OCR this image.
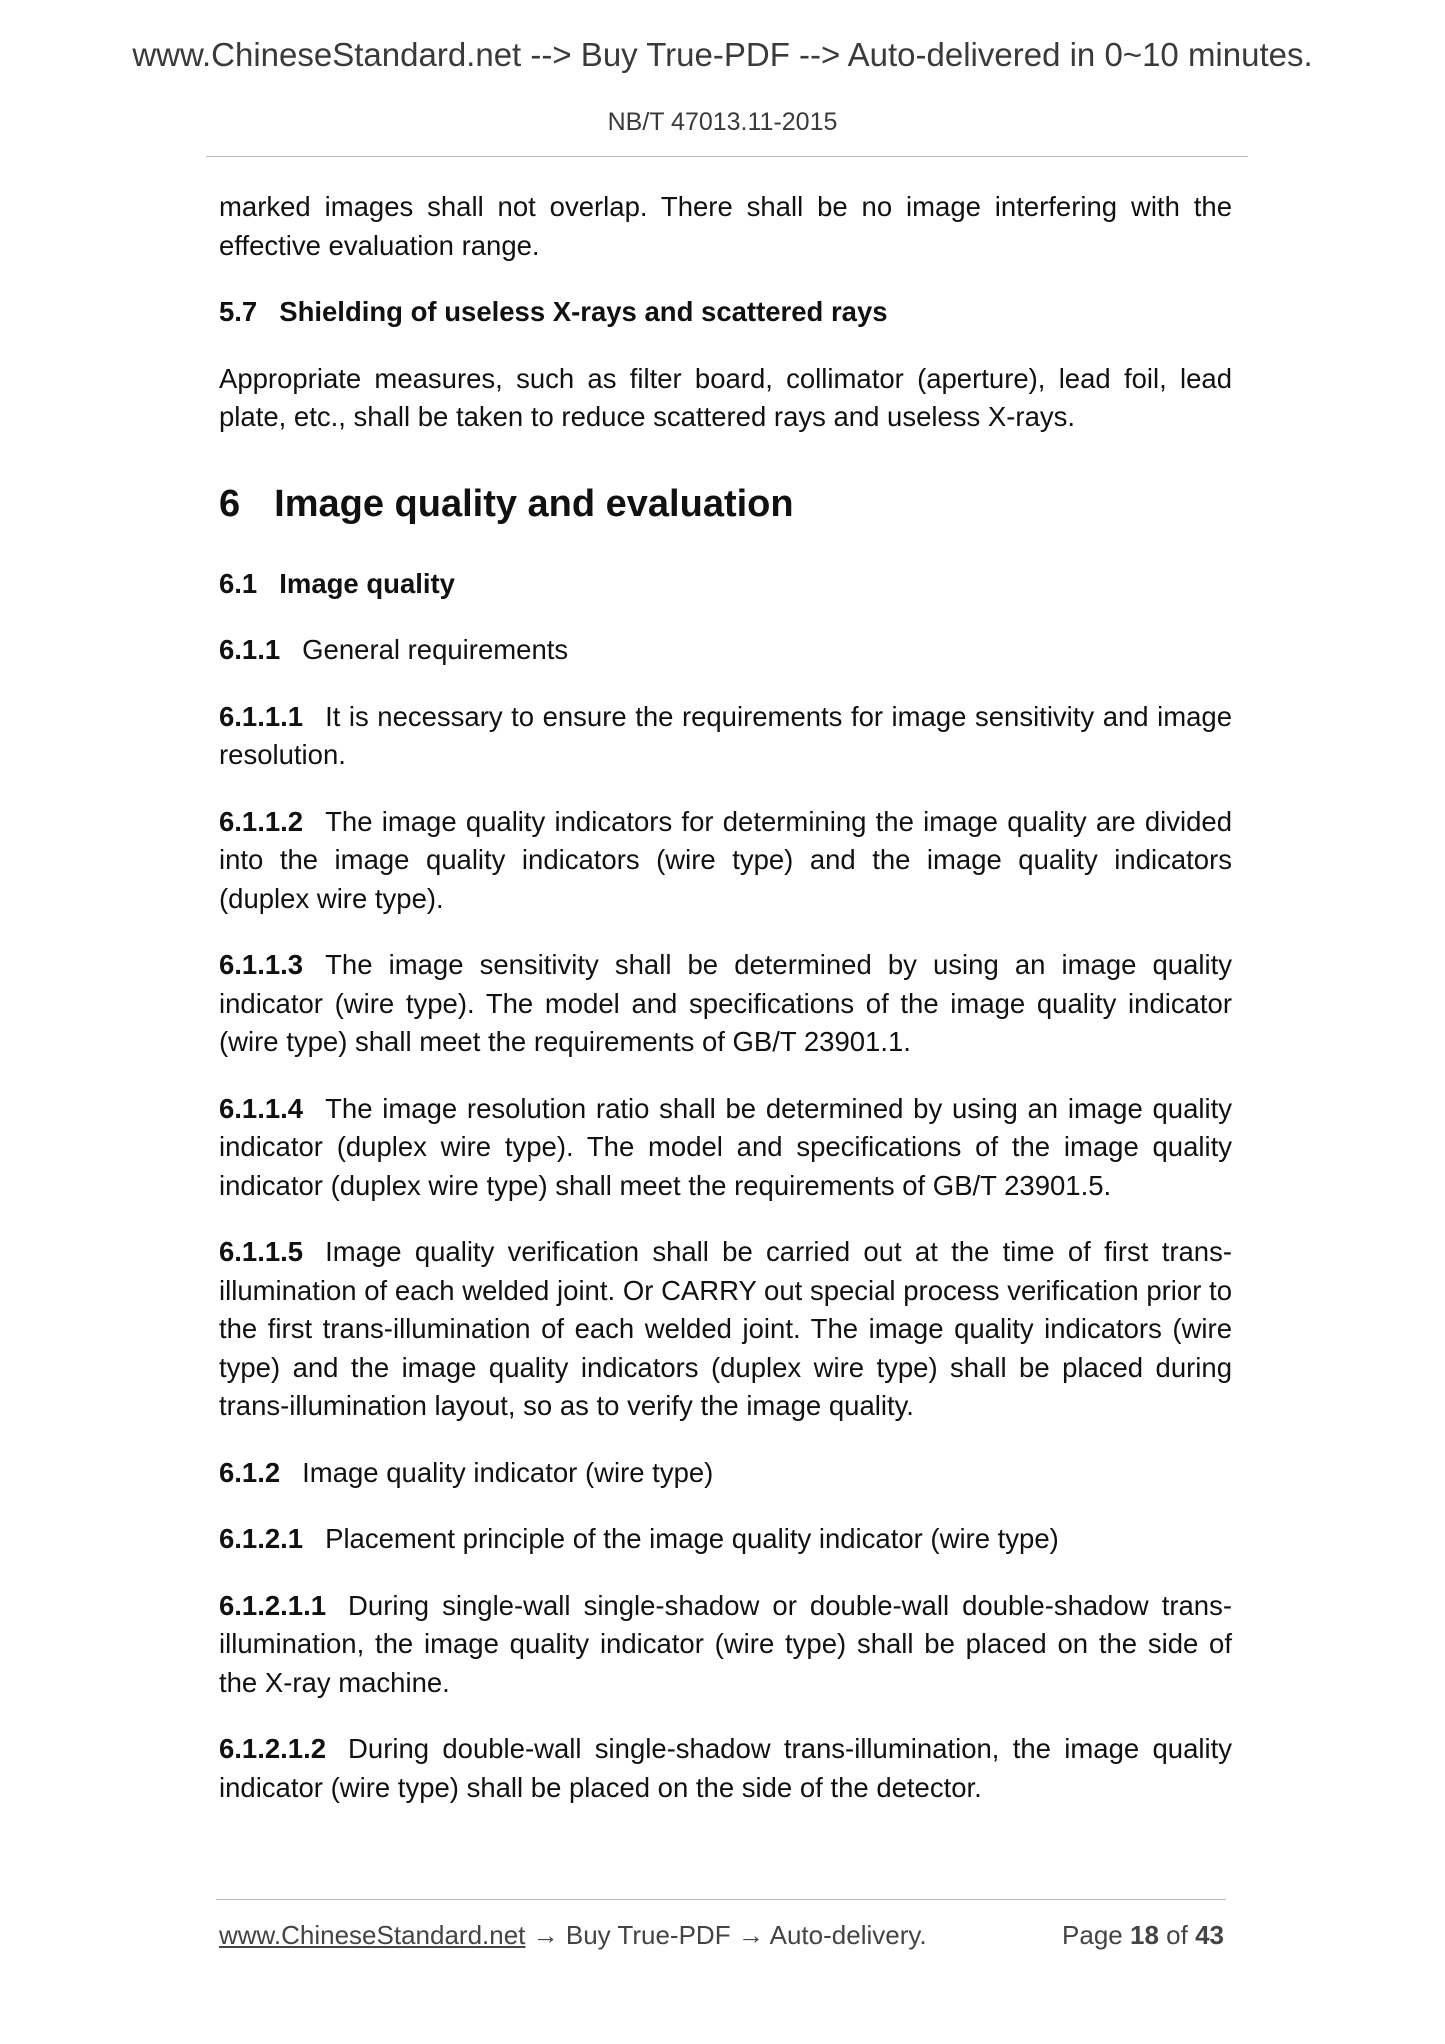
www.ChineseStandard.net --> Buy True-PDF --> Auto-delivered in 0~10 minutes.
NB/T 47013.11-2015

marked images shall not overlap. There shall be no image interfering with the effective evaluation range.

5.7 Shielding of useless X-rays and scattered rays

Appropriate measures, such as filter board, collimator (aperture), lead foil, lead plate, etc., shall be taken to reduce scattered rays and useless X-rays.

6 Image quality and evaluation
6.1 Image quality

6.1.1 General requirements

6.1.1.1 It is necessary to ensure the requirements for image sensitivity and image resolution.

6.1.1.2 The image quality indicators for determining the image quality are divided into the image quality indicators (wire type) and the image quality indicators (duplex wire type).

6.1.1.3 The image sensitivity shall be determined by using an image quality indicator (wire type). The model and specifications of the image quality indicator (wire type) shall meet the requirements of GB/T 23901.1.

6.1.1.4 The image resolution ratio shall be determined by using an image quality indicator (duplex wire type). The model and specifications of the image quality indicator (duplex wire type) shall meet the requirements of GB/T 23901.5.

6.1.1.5 Image quality verification shall be carried out at the time of first trans-illumination of each welded joint. Or CARRY out special process verification prior to the first trans-illumination of each welded joint. The image quality indicators (wire type) and the image quality indicators (duplex wire type) shall be placed during trans-illumination layout, so as to verify the image quality.

6.1.2 Image quality indicator (wire type)

6.1.2.1 Placement principle of the image quality indicator (wire type)

6.1.2.1.1 During single-wall single-shadow or double-wall double-shadow trans-illumination, the image quality indicator (wire type) shall be placed on the side of the X-ray machine.

6.1.2.1.2 During double-wall single-shadow trans-illumination, the image quality indicator (wire type) shall be placed on the side of the detector.

www.ChineseStandard.net → Buy True-PDF → Auto-delivery.	Page 18 of 43
